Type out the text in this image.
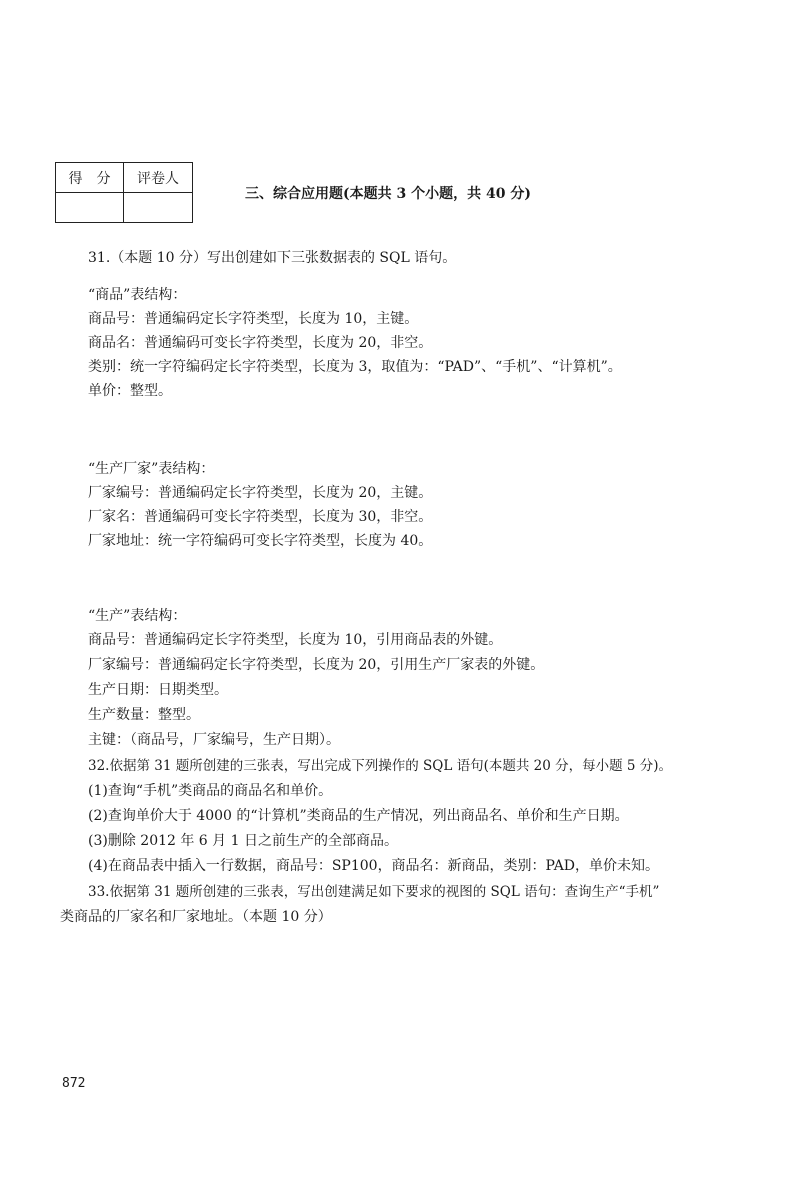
得　分	评卷人

三、综合应用题(本题共 3 个小题，共 40 分)
31.（本题 10 分）写出创建如下三张数据表的 SQL 语句。
“商品”表结构：
商品号：普通编码定长字符类型，长度为 10，主键。
商品名：普通编码可变长字符类型，长度为 20，非空。
类别：统一字符编码定长字符类型，长度为 3，取值为：“PAD”、“手机”、“计算机”。
单价：整型。
“生产厂家”表结构：
厂家编号：普通编码定长字符类型，长度为 20，主键。
厂家名：普通编码可变长字符类型，长度为 30，非空。
厂家地址：统一字符编码可变长字符类型，长度为 40。
“生产”表结构：
商品号：普通编码定长字符类型，长度为 10，引用商品表的外键。
厂家编号：普通编码定长字符类型，长度为 20，引用生产厂家表的外键。
生产日期：日期类型。
生产数量：整型。
主键：（商品号，厂家编号，生产日期）。
32.依据第 31 题所创建的三张表，写出完成下列操作的 SQL 语句(本题共 20 分，每小题 5 分)。
(1)查询“手机”类商品的商品名和单价。
(2)查询单价大于 4000 的“计算机”类商品的生产情况，列出商品名、单价和生产日期。
(3)删除 2012 年 6 月 1 日之前生产的全部商品。
(4)在商品表中插入一行数据，商品号：SP100，商品名：新商品，类别：PAD，单价未知。
33.依据第 31 题所创建的三张表，写出创建满足如下要求的视图的 SQL 语句：查询生产“手机”
类商品的厂家名和厂家地址。（本题 10 分）
872
